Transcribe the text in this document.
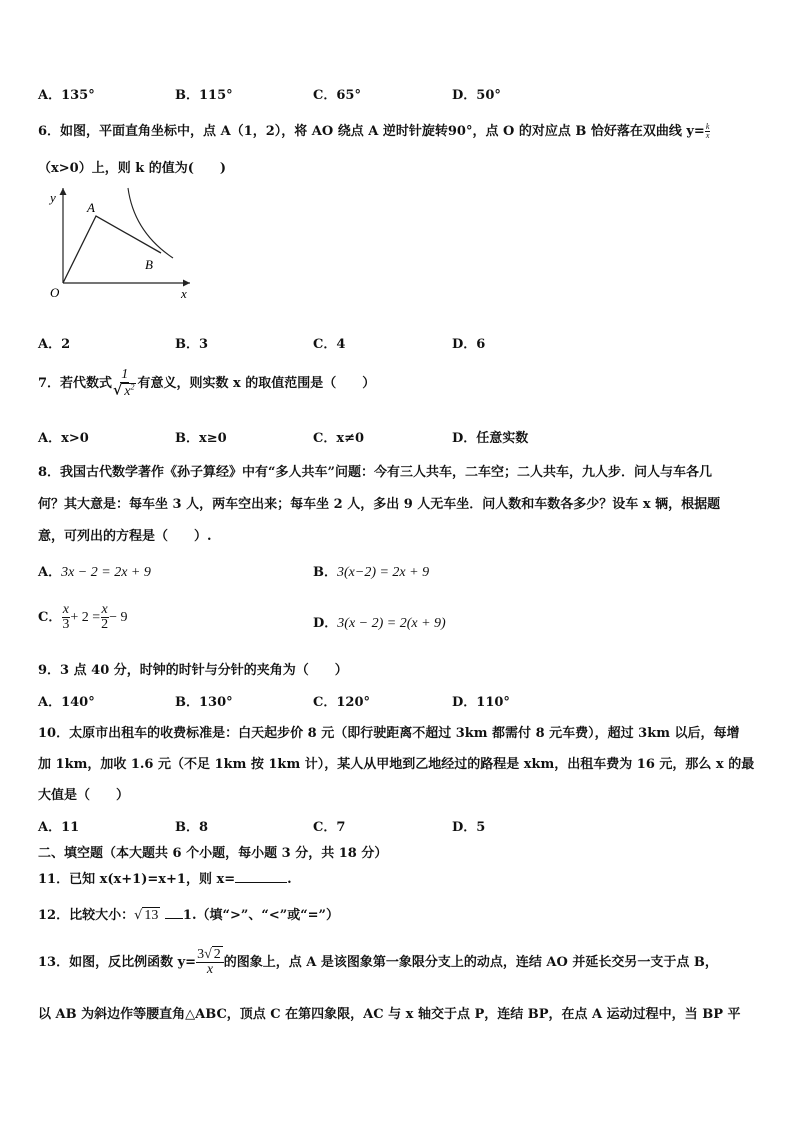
A．135°	B．115°	C．65°	D．50°
6．如图，平面直角坐标中，点 A（1，2），将 AO 绕点 A 逆时针旋转90°，点 O 的对应点 B 恰好落在双曲线 $y= \frac{k}{x}$
（x>0）上，则 k 的值为(　　)
y
A
B
O	x
A．2	B．3	C．4	D．6
7．若代数式 $\frac{1}{√ x^2}$ 有意义，则实数 x 的取值范围是（　　）
A．x>0	B．x≥0	C．x≠0	D．任意实数
8．我国古代数学著作《孙子算经》中有“多人共车”问题：今有三人共车，二车空；二人共车，九人步．问人与车各几
何？其大意是：每车坐 3 人，两车空出来；每车坐 2 人，多出 9 人无车坐．问人数和车数各多少？设车 x 辆，根据题
意，可列出的方程是（　　）.
A．3x − 2 = 2x + 9	B．3(x−2) = 2x + 9
C． $\frac{x}{3} + 2 = \frac{x}{2} - 9$	D．3(x − 2) = 2(x + 9)
9．3 点 40 分，时钟的时针与分针的夹角为（　　）
A．140°	B．130°	C．120°	D．110°
10．太原市出租车的收费标准是：白天起步价 8 元（即行驶距离不超过 3km 都需付 8 元车费），超过 3km 以后，每增
加 1km，加收 1.6 元（不足 1km 按 1km 计），某人从甲地到乙地经过的路程是 xkm，出租车费为 16 元，那么 x 的最
大值是（　　）
A．11	B．8	C．7	D．5
二、填空题（本大题共 6 个小题，每小题 3 分，共 18 分）
11．已知 x(x+1)=x+1，则 x=	.
12．比较大小：√ 13 1.（填“>”、“<”或“=”）
13．如图，反比例函数 $y= \frac{3√ 2}{x}$ 的图象上，点 A 是该图象第一象限分支上的动点，连结 AO 并延长交另一支于点 B，
以 AB 为斜边作等腰直角△ABC，顶点 C 在第四象限，AC 与 x 轴交于点 P，连结 BP，在点 A 运动过程中，当 BP 平
